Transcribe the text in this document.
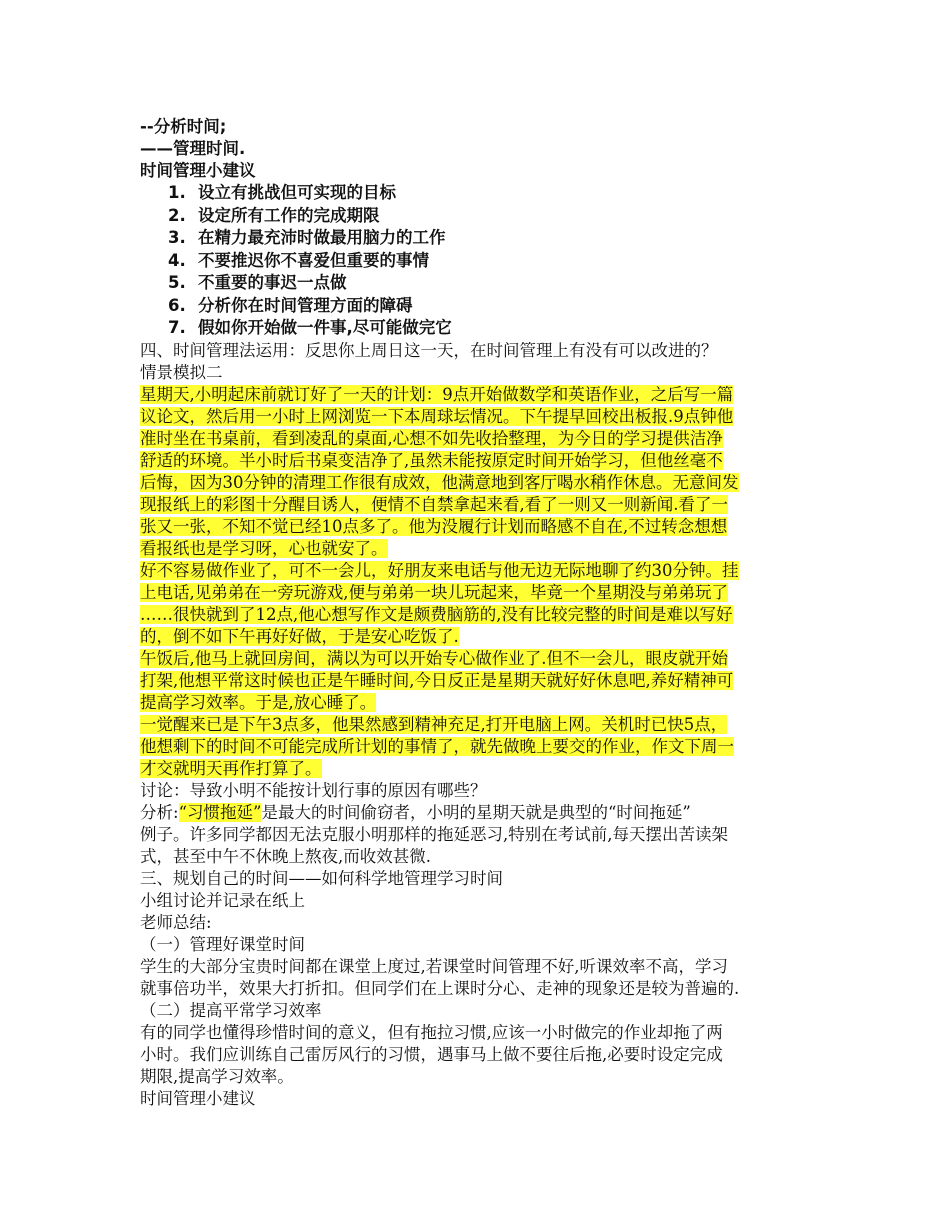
--分析时间;
——管理时间.
时间管理小建议
1. 设立有挑战但可实现的目标
2. 设定所有工作的完成期限
3. 在精力最充沛时做最用脑力的工作
4. 不要推迟你不喜爱但重要的事情
5. 不重要的事迟一点做
6. 分析你在时间管理方面的障碍
7. 假如你开始做一件事,尽可能做完它
四、时间管理法运用：反思你上周日这一天，在时间管理上有没有可以改进的？
情景模拟二
星期天,小明起床前就订好了一天的计划：9点开始做数学和英语作业，之后写一篇
议论文，然后用一小时上网浏览一下本周球坛情况。下午提早回校出板报.9点钟他
准时坐在书桌前，看到凌乱的桌面,心想不如先收拾整理，为今日的学习提供洁净
舒适的环境。半小时后书桌变洁净了,虽然未能按原定时间开始学习，但他丝毫不
后悔，因为30分钟的清理工作很有成效，他满意地到客厅喝水稍作休息。无意间发
现报纸上的彩图十分醒目诱人，便情不自禁拿起来看,看了一则又一则新闻.看了一
张又一张，不知不觉已经10点多了。他为没履行计划而略感不自在,不过转念想想
看报纸也是学习呀，心也就安了。
好不容易做作业了，可不一会儿，好朋友来电话与他无边无际地聊了约30分钟。挂
上电话,见弟弟在一旁玩游戏,便与弟弟一块儿玩起来，毕竟一个星期没与弟弟玩了
……很快就到了12点,他心想写作文是颇费脑筋的,没有比较完整的时间是难以写好
的，倒不如下午再好好做，于是安心吃饭了.
午饭后,他马上就回房间，满以为可以开始专心做作业了.但不一会儿，眼皮就开始
打架,他想平常这时候也正是午睡时间,今日反正是星期天就好好休息吧,养好精神可
提高学习效率。于是,放心睡了。
一觉醒来已是下午3点多，他果然感到精神充足,打开电脑上网。关机时已快5点，
他想剩下的时间不可能完成所计划的事情了，就先做晚上要交的作业，作文下周一
才交就明天再作打算了。
讨论：导致小明不能按计划行事的原因有哪些？
分析:“习惯拖延”是最大的时间偷窃者，小明的星期天就是典型的“时间拖延”
例子。许多同学都因无法克服小明那样的拖延恶习,特别在考试前,每天摆出苦读架
式，甚至中午不休晚上熬夜,而收效甚微.
三、规划自己的时间——如何科学地管理学习时间
小组讨论并记录在纸上
老师总结:
（一）管理好课堂时间
学生的大部分宝贵时间都在课堂上度过,若课堂时间管理不好,听课效率不高，学习
就事倍功半，效果大打折扣。但同学们在上课时分心、走神的现象还是较为普遍的.
（二）提高平常学习效率
有的同学也懂得珍惜时间的意义，但有拖拉习惯,应该一小时做完的作业却拖了两
小时。我们应训练自己雷厉风行的习惯，遇事马上做不要往后拖,必要时设定完成
期限,提高学习效率。
时间管理小建议
